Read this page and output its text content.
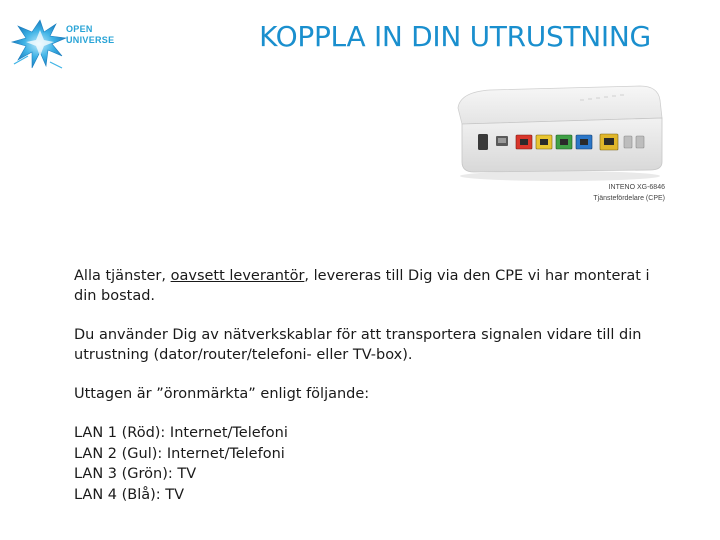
OPEN
UNIVERSE	KOPPLA IN DIN UTRUSTNING
INTENO XG-6846
Tjänstefördelare (CPE)

Alla tjänster, oavsett leverantör, levereras till Dig via den CPE vi har monterat i din bostad.

Du använder Dig av nätverkskablar för att transportera signalen vidare till din utrustning (dator/router/telefoni- eller TV-box).

Uttagen är ”öronmärkta” enligt följande:

LAN 1 (Röd): Internet/Telefoni
LAN 2 (Gul): Internet/Telefoni
LAN 3 (Grön): TV
LAN 4 (Blå): TV
